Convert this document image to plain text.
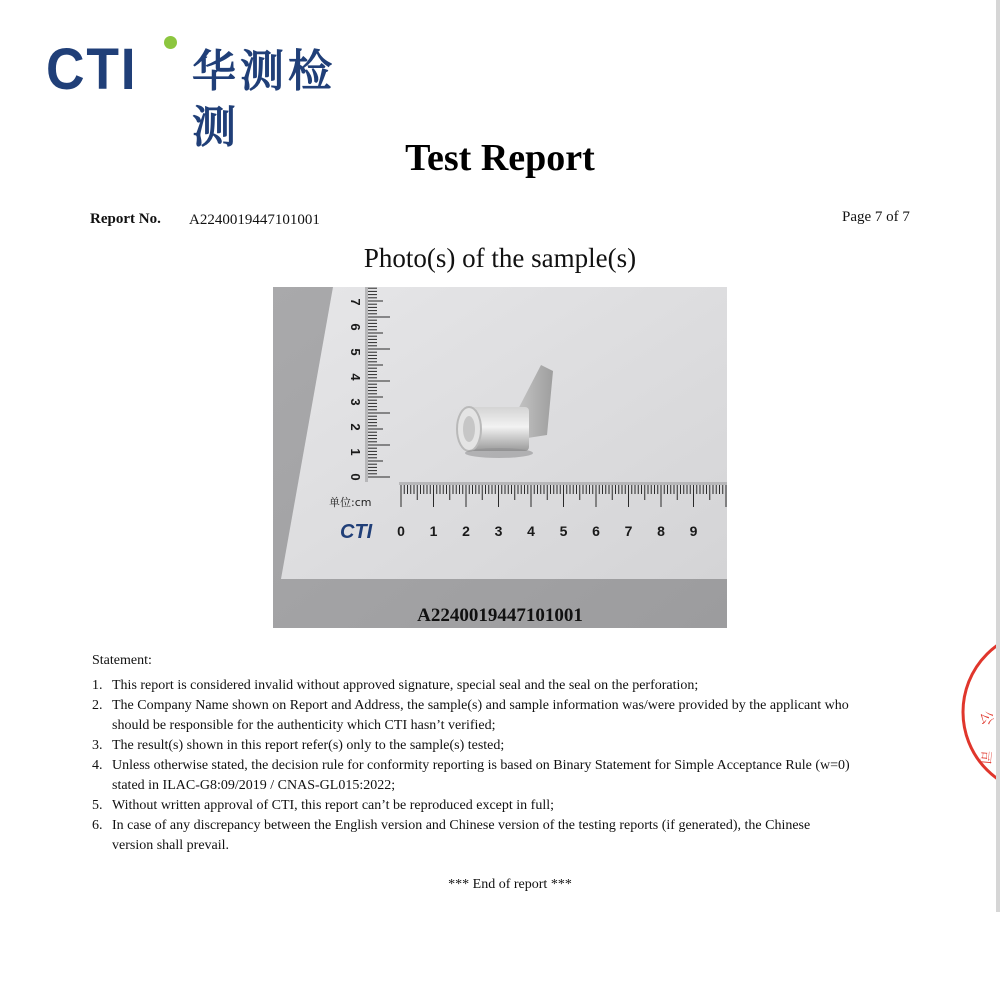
CTI 华测检测
Test Report
Report No. A2240019447101001	Page 7 of 7
Photo(s) of the sample(s)
0 1 2 3 4 5 6 7 8 9
0
1
2
3
4
5
6
7
单位:cm
CTI
A2240019447101001
Statement:
1. This report is considered invalid without approved signature, special seal and the seal on the perforation;
2. The Company Name shown on Report and Address, the sample(s) and sample information was/were provided by the applicant who should be responsible for the authenticity which CTI hasn’t verified;
3. The result(s) shown in this report refer(s) only to the sample(s) tested;
4. Unless otherwise stated, the decision rule for conformity reporting is based on Binary Statement for Simple Acceptance Rule (w=0) stated in ILAC-G8:09/2019 / CNAS-GL015:2022;
5. Without written approval of CTI, this report can’t be reproduced except in full;
6. In case of any discrepancy between the English version and Chinese version of the testing reports (if generated), the Chinese version shall prevail.
*** End of report ***
公
司
